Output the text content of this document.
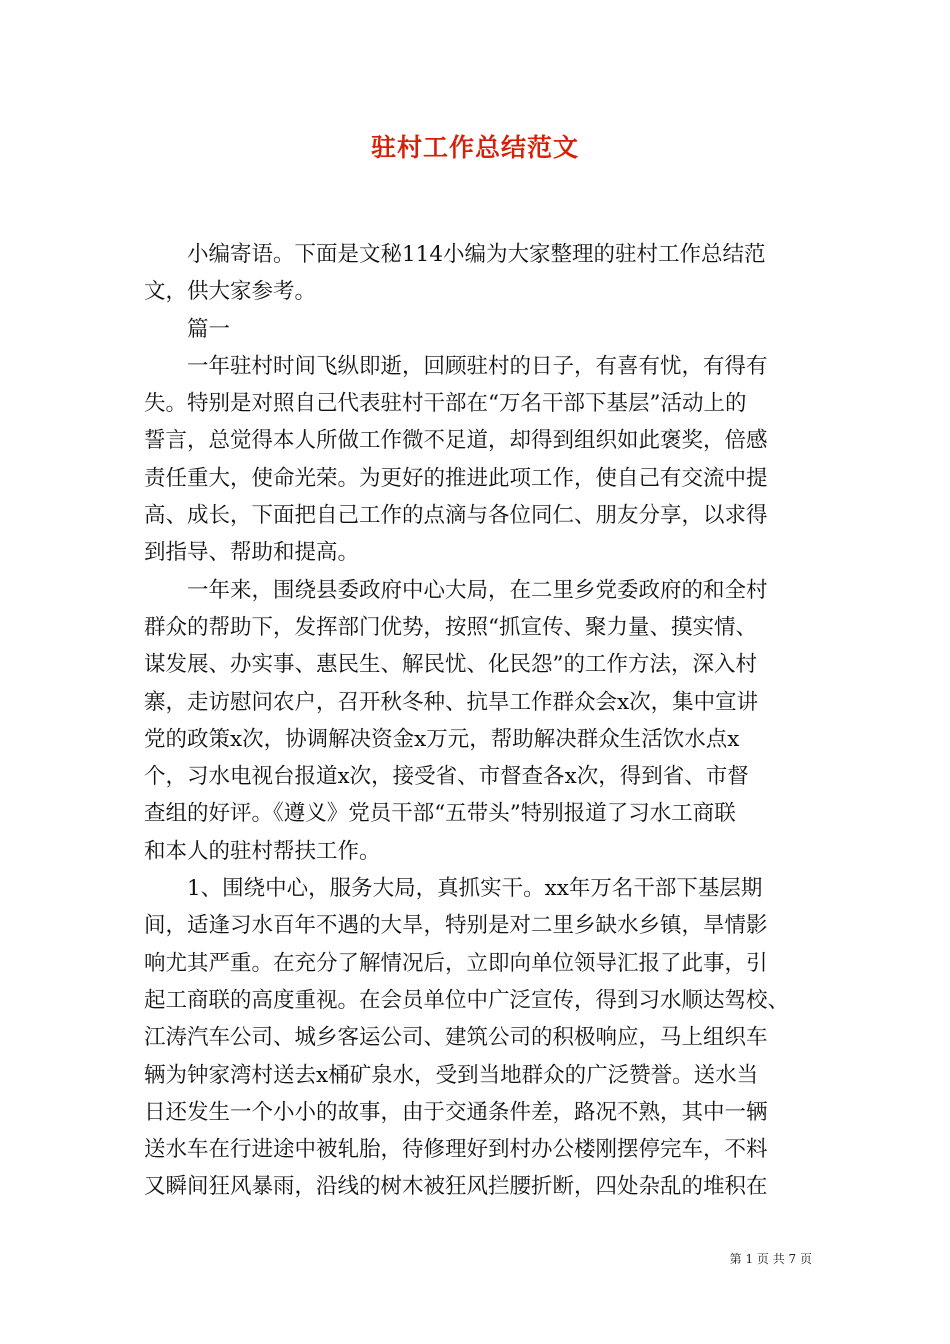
驻村工作总结范文
　　小编寄语。下面是文秘114小编为大家整理的驻村工作总结范
文，供大家参考。
　　篇一
　　一年驻村时间飞纵即逝，回顾驻村的日子，有喜有忧，有得有
失。特别是对照自己代表驻村干部在“万名干部下基层”活动上的
誓言，总觉得本人所做工作微不足道，却得到组织如此褒奖，倍感
责任重大，使命光荣。为更好的推进此项工作，使自己有交流中提
高、成长，下面把自己工作的点滴与各位同仁、朋友分享，以求得
到指导、帮助和提高。
　　一年来，围绕县委政府中心大局，在二里乡党委政府的和全村
群众的帮助下，发挥部门优势，按照“抓宣传、聚力量、摸实情、
谋发展、办实事、惠民生、解民忧、化民怨”的工作方法，深入村
寨，走访慰问农户，召开秋冬种、抗旱工作群众会x次，集中宣讲
党的政策x次，协调解决资金x万元，帮助解决群众生活饮水点x
个，习水电视台报道x次，接受省、市督查各x次，得到省、市督
查组的好评。《遵义》党员干部“五带头”特别报道了习水工商联
和本人的驻村帮扶工作。
　　1、围绕中心，服务大局，真抓实干。xx年万名干部下基层期
间，适逢习水百年不遇的大旱，特别是对二里乡缺水乡镇，旱情影
响尤其严重。在充分了解情况后，立即向单位领导汇报了此事，引
起工商联的高度重视。在会员单位中广泛宣传，得到习水顺达驾校、
江涛汽车公司、城乡客运公司、建筑公司的积极响应，马上组织车
辆为钟家湾村送去x桶矿泉水，受到当地群众的广泛赞誉。送水当
日还发生一个小小的故事，由于交通条件差，路况不熟，其中一辆
送水车在行进途中被轧胎，待修理好到村办公楼刚摆停完车，不料
又瞬间狂风暴雨，沿线的树木被狂风拦腰折断，四处杂乱的堆积在
第 1 页 共 7 页
